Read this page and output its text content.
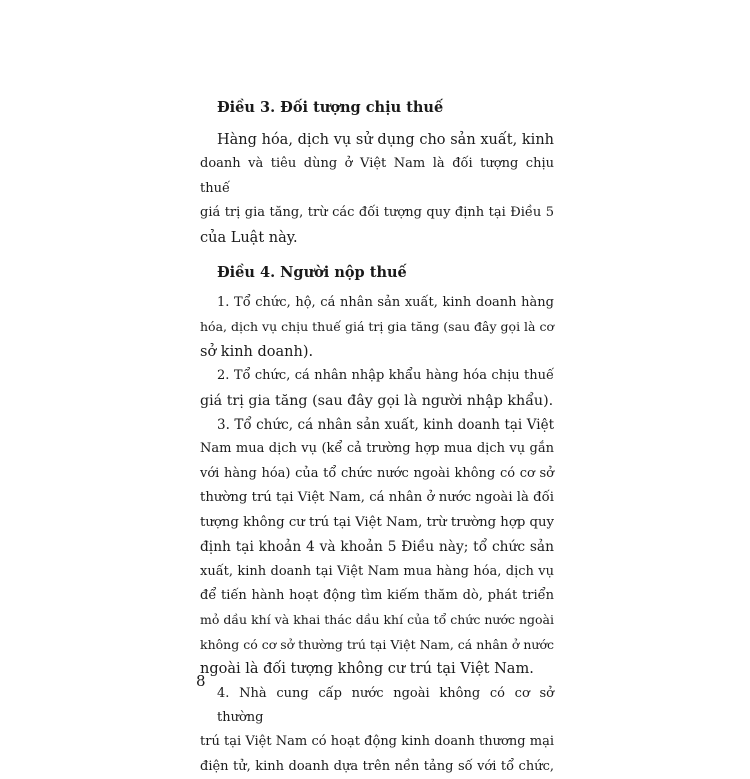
Điều 3. Đối tượng chịu thuế

Hàng hóa, dịch vụ sử dụng cho sản xuất, kinh
doanh và tiêu dùng ở Việt Nam là đối tượng chịu thuế
giá trị gia tăng, trừ các đối tượng quy định tại Điều 5
của Luật này.

Điều 4. Người nộp thuế

1. Tổ chức, hộ, cá nhân sản xuất, kinh doanh hàng
hóa, dịch vụ chịu thuế giá trị gia tăng (sau đây gọi là cơ
sở kinh doanh).
2. Tổ chức, cá nhân nhập khẩu hàng hóa chịu thuế
giá trị gia tăng (sau đây gọi là người nhập khẩu).
3. Tổ chức, cá nhân sản xuất, kinh doanh tại Việt
Nam mua dịch vụ (kể cả trường hợp mua dịch vụ gắn
với hàng hóa) của tổ chức nước ngoài không có cơ sở
thường trú tại Việt Nam, cá nhân ở nước ngoài là đối
tượng không cư trú tại Việt Nam, trừ trường hợp quy
định tại khoản 4 và khoản 5 Điều này; tổ chức sản
xuất, kinh doanh tại Việt Nam mua hàng hóa, dịch vụ
để tiến hành hoạt động tìm kiếm thăm dò, phát triển
mỏ dầu khí và khai thác dầu khí của tổ chức nước ngoài
không có cơ sở thường trú tại Việt Nam, cá nhân ở nước
ngoài là đối tượng không cư trú tại Việt Nam.
4. Nhà cung cấp nước ngoài không có cơ sở thường
trú tại Việt Nam có hoạt động kinh doanh thương mại
điện tử, kinh doanh dựa trên nền tảng số với tổ chức,
8
